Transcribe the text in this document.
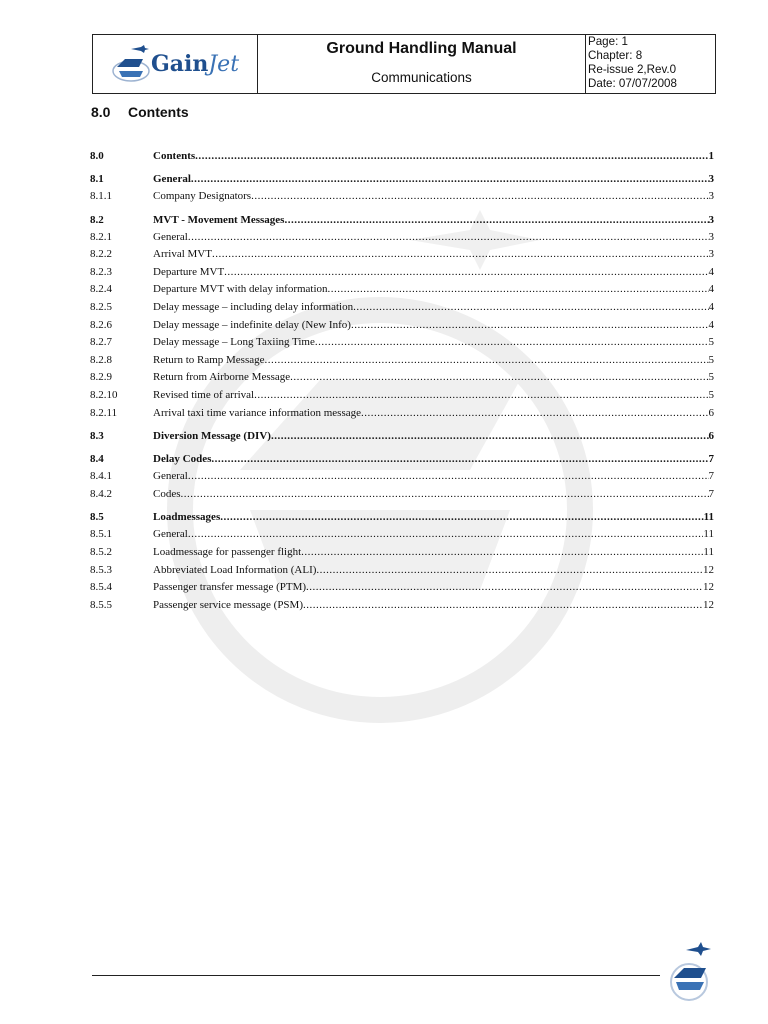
GainJet
Ground Handling Manual
Communications
Page: 1
Chapter: 8
Re-issue 2,Rev.0
Date: 07/07/2008
8.0	Contents
8.0	Contents .....	1
8.1	General .....	3
8.1.1	Company Designators .....	3
8.2	MVT - Movement Messages .....	3
8.2.1	General .....	3
8.2.2	Arrival MVT .....	3
8.2.3	Departure MVT .....	4
8.2.4	Departure MVT with delay information .....	4
8.2.5	Delay message – including delay information .....	4
8.2.6	Delay message – indefinite delay (New Info) .....	4
8.2.7	Delay message – Long Taxiing Time .....	5
8.2.8	Return to Ramp Message .....	5
8.2.9	Return from Airborne Message .....	5
8.2.10	Revised time of arrival .....	5
8.2.11	Arrival taxi time variance information message .....	6
8.3	Diversion Message (DIV) .....	6
8.4	Delay Codes .....	7
8.4.1	General .....	7
8.4.2	Codes .....	7
8.5	Loadmessages .....	11
8.5.1	General .....	11
8.5.2	Loadmessage for passenger flight .....	11
8.5.3	Abbreviated Load Information (ALI) .....	12
8.5.4	Passenger transfer message (PTM) .....	12
8.5.5	Passenger service message (PSM) .....	12
